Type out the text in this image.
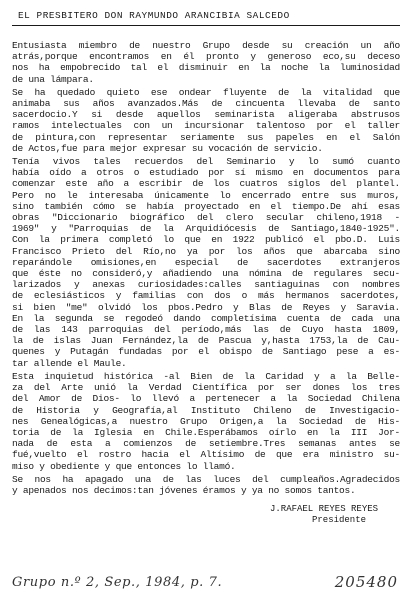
EL PRESBITERO DON RAYMUNDO ARANCIBIA SALCEDO
Entusiasta miembro de nuestro Grupo desde su creación un año
atrás,porque encontramos en él pronto y generoso eco,su deceso
nos ha empobrecido tal el disminuir en la noche la luminosidad
de una lámpara.
Se ha quedado quieto ese ondear fluyente de la vitalidad que
animaba sus años avanzados.Más de cincuenta llevaba de santo
sacerdocio.Y si desde aquellos seminarista aligeraba abstrusos
ramos intelectuales con un incursionar talentoso por el taller
de pintura,con representar seriamente sus papeles en el Salón
de Actos,fue para mejor expresar su vocación de servicio.
Tenía vivos tales recuerdos del Seminario y lo sumó cuanto
había oído a otros o estudiado por sí mismo en documentos para
comenzar este año a escribir de los cuatros siglos del plantel.
Pero no le interesaba únicamente lo encerrado entre sus muros,
sino también cómo se había proyectado en el tiempo.De ahí esas
obras "Diccionario biográfico del clero secular chileno,1918 -
1969" y "Parroquias de la Arquidiócesis de Santiago,1840-1925".
Con la primera completó lo que en 1922 publicó el pbo.D. Luis
Francisco Prieto del Río,no ya por los años que abarcaba sino
reparándole omisiones,en especial de sacerdotes extranjeros
que éste no consideró,y añadiendo una nómina de regulares secu-
larizados y anexas curiosidades:calles santiaguinas con nombres
de eclesiásticos y familias con dos o más hermanos sacerdotes,
si bien "me" olvidó los pbos.Pedro y Blas de Reyes y Saravia.
En la segunda se regodeó dando completísima cuenta de cada una
de las 143 parroquias del período,más las de Cuyo hasta 1809,
la de islas Juan Fernández,la de Pascua y,hasta 1753,la de Cau-
quenes y Putagán fundadas por el obispo de Santiago pese a es-
tar allende el Maule.
Esta inquietud histórica -al Bien de la Caridad y a la Belle-
za del Arte unió la Verdad Científica por ser dones los tres
del Amor de Dios- lo llevó a pertenecer a la Sociedad Chilena
de Historia y Geografía,al Instituto Chileno de Investigacio-
nes Genealógicas,a nuestro Grupo Origen,a la Sociedad de His-
toria de la Iglesia en Chile.Esperábamos oírlo en la III Jor-
nada de esta a comienzos de setiembre.Tres semanas antes se
fué,vuelto el rostro hacia el Altísimo de que era ministro su-
miso y obediente y que entonces lo llamó.
Se nos ha apagado una de las luces del cumpleaños.Agradecidos
y apenados nos decimos:tan jóvenes éramos y ya no somos tantos.
J.RAFAEL REYES REYES
Presidente
Grupo n.º 2, Sep., 1984, p. 7.	205480
